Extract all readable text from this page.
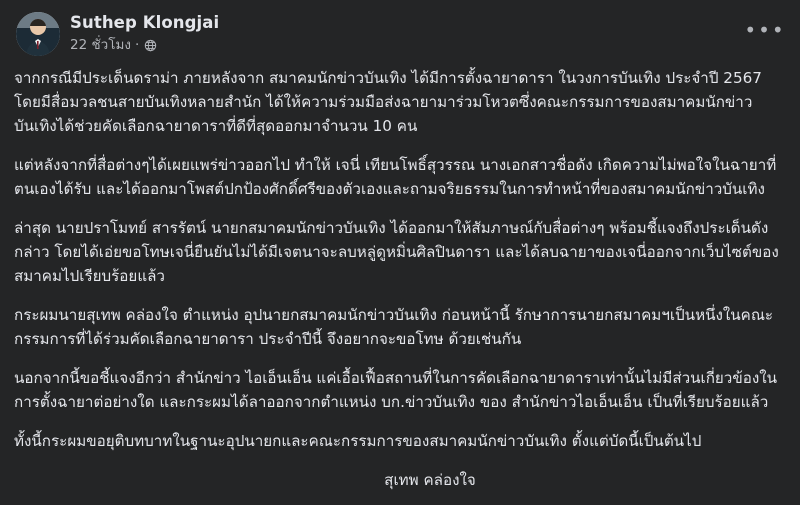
Suthep Klongjai
22 ชั่วโมง ·
•••

จากกรณีมีประเด็นดราม่า ภายหลังจาก สมาคมนักข่าวบันเทิง ได้มีการตั้งฉายาดารา ในวงการบันเทิง ประจำปี 2567 โดยมีสื่อมวลชนสายบันเทิงหลายสำนัก ได้ให้ความร่วมมือส่งฉายามาร่วมโหวตซึ่งคณะกรรมการของสมาคมนักข่าวบันเทิงได้ช่วยคัดเลือกฉายาดาราที่ดีที่สุดออกมาจำนวน 10 คน

แต่หลังจากที่สื่อต่างๆได้เผยแพร่ข่าวออกไป ทำให้ เจนี่ เทียนโพธิ์สุวรรณ นางเอกสาวชื่อดัง เกิดความไม่พอใจในฉายาที่ตนเองได้รับ และได้ออกมาโพสต์ปกป้องศักดิ์ศรีของตัวเองและถามจริยธรรมในการทำหน้าที่ของสมาคมนักข่าวบันเทิง

ล่าสุด นายปราโมทย์ สารรัตน์ นายกสมาคมนักข่าวบันเทิง ได้ออกมาให้สัมภาษณ์กับสื่อต่างๆ พร้อมชี้แจงถึงประเด็นดังกล่าว โดยได้เอ่ยขอโทษเจนี่ยืนยันไม่ได้มีเจตนาจะลบหลู่ดูหมิ่นศิลปินดารา และได้ลบฉายาของเจนี่ออกจากเว็บไซต์ของสมาคมไปเรียบร้อยแล้ว

กระผมนายสุเทพ คล่องใจ ตำแหน่ง อุปนายกสมาคมนักข่าวบันเทิง ก่อนหน้านี้ รักษาการนายกสมาคมฯเป็นหนึ่งในคณะกรรมการที่ได้ร่วมคัดเลือกฉายาดารา ประจำปีนี้ จึงอยากจะขอโทษ ด้วยเช่นกัน

นอกจากนี้ขอชี้แจงอีกว่า สำนักข่าว ไอเอ็นเอ็น แค่เอื้อเฟื้อสถานที่ในการคัดเลือกฉายาดาราเท่านั้นไม่มีส่วนเกี่ยวข้องในการตั้งฉายาต่อย่างใด และกระผมได้ลาออกจากตำแหน่ง บก.ข่าวบันเทิง ของ สำนักข่าวไอเอ็นเอ็น เป็นที่เรียบร้อยแล้ว

ทั้งนี้กระผมขอยุติบทบาทในฐานะอุปนายกและคณะกรรมการของสมาคมนักข่าวบันเทิง ตั้งแต่บัดนี้เป็นต้นไป

สุเทพ คล่องใจ
